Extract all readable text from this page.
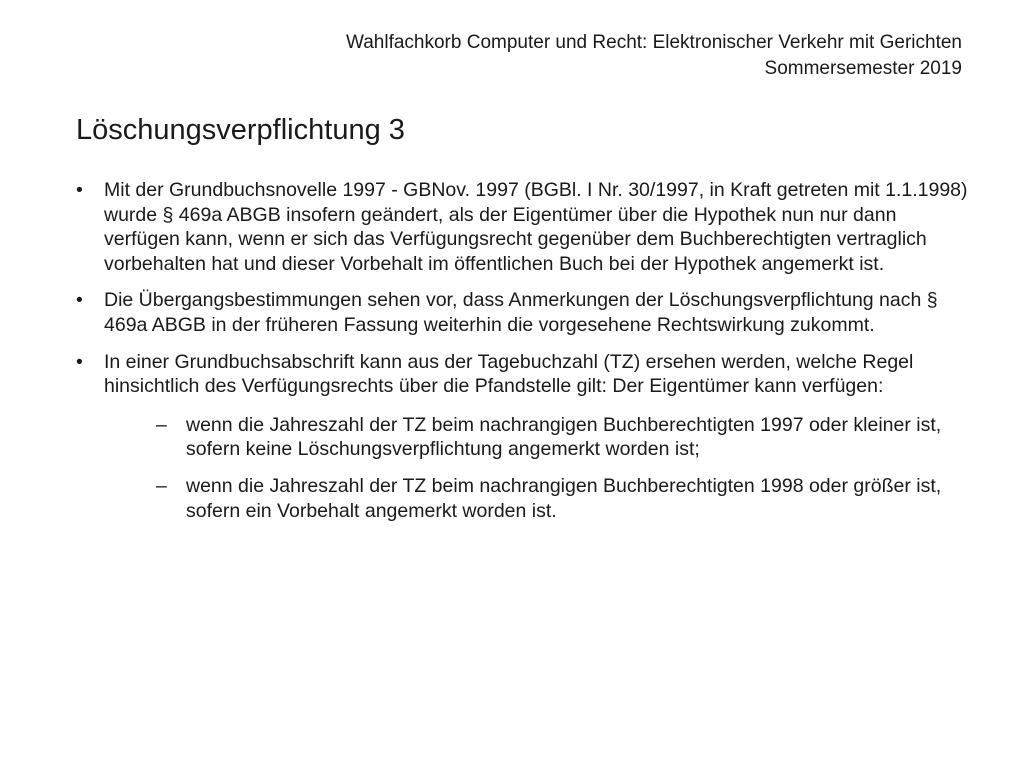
Wahlfachkorb Computer und Recht: Elektronischer Verkehr mit Gerichten
Sommersemester 2019
Löschungsverpflichtung 3
• Mit der Grundbuchsnovelle 1997 - GBNov. 1997 (BGBl. I Nr. 30/1997, in Kraft getreten mit 1.1.1998) wurde § 469a ABGB insofern geändert, als der Eigentümer über die Hypothek nun nur dann verfügen kann, wenn er sich das Verfügungsrecht gegenüber dem Buchberechtigten vertraglich vorbehalten hat und dieser Vorbehalt im öffentlichen Buch bei der Hypothek angemerkt ist.
• Die Übergangsbestimmungen sehen vor, dass Anmerkungen der Löschungsverpflichtung nach § 469a ABGB in der früheren Fassung weiterhin die vorgesehene Rechtswirkung zukommt.
• In einer Grundbuchsabschrift kann aus der Tagebuchzahl (TZ) ersehen werden, welche Regel hinsichtlich des Verfügungsrechts über die Pfandstelle gilt: Der Eigentümer kann verfügen:
– wenn die Jahreszahl der TZ beim nachrangigen Buchberechtigten 1997 oder kleiner ist, sofern keine Löschungsverpflichtung angemerkt worden ist;
– wenn die Jahreszahl der TZ beim nachrangigen Buchberechtigten 1998 oder größer ist, sofern ein Vorbehalt angemerkt worden ist.
